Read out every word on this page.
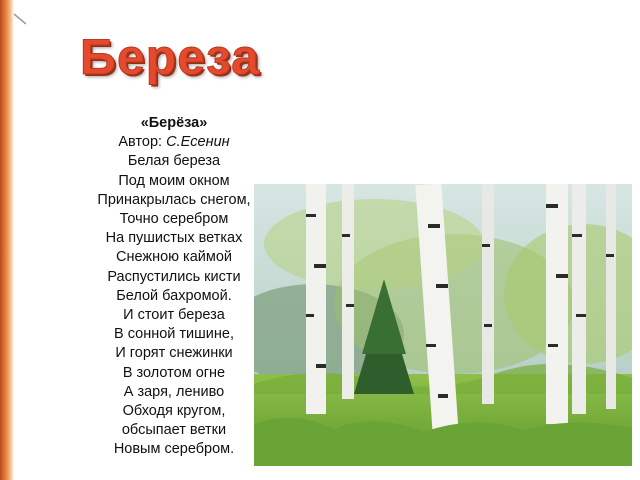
Береза
«Берёза»
Автор: С.Есенин
Белая береза
Под моим окном
Принакрылась снегом,
Точно серебром
На пушистых ветках
Снежною каймой
Распустились кисти
Белой бахромой.
И стоит береза
В сонной тишине,
И горят снежинки
В золотом огне
А заря, лениво
Обходя кругом,
обсыпает ветки
Новым серебром.
